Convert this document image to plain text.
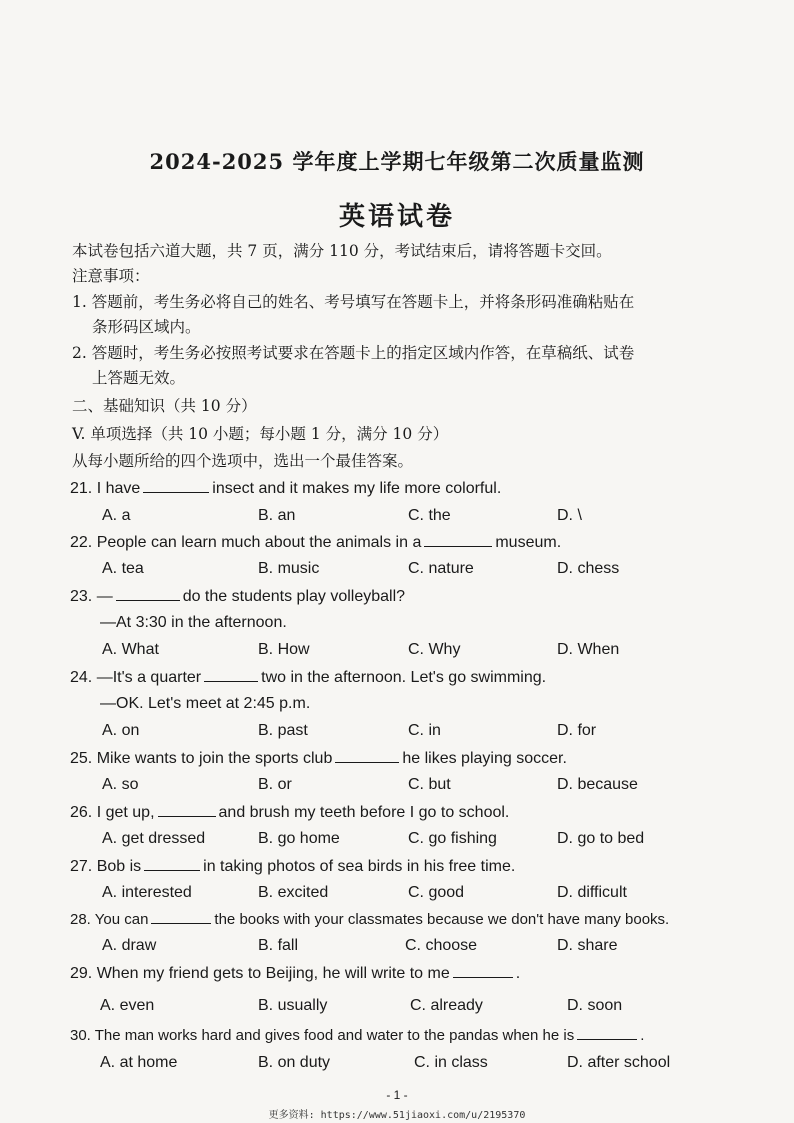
2024-2025 学年度上学期七年级第二次质量监测
英语试卷
本试卷包括六道大题，共 7 页，满分 110 分，考试结束后，请将答题卡交回。
注意事项：
1. 答题前，考生务必将自己的姓名、考号填写在答题卡上，并将条形码准确粘贴在
条形码区域内。
2. 答题时，考生务必按照考试要求在答题卡上的指定区域内作答，在草稿纸、试卷
上答题无效。
二、基础知识（共 10 分）
V. 单项选择（共 10 小题；每小题 1 分，满分 10 分）
从每小题所给的四个选项中，选出一个最佳答案。
21. I have	insect and it makes my life more colorful.
A. a	B. an	C. the	D. \
22. People can learn much about the animals in a	museum.
A. tea	B. music	C. nature	D. chess
23. —	do the students play volleyball?
—At 3:30 in the afternoon.
A. What	B. How	C. Why	D. When
24. —It's a quarter	two in the afternoon. Let's go swimming.
—OK. Let's meet at 2:45 p.m.
A. on	B. past	C. in	D. for
25. Mike wants to join the sports club	he likes playing soccer.
A. so	B. or	C. but	D. because
26. I get up,	and brush my teeth before I go to school.
A. get dressed	B. go home	C. go fishing	D. go to bed
27. Bob is	in taking photos of sea birds in his free time.
A. interested	B. excited	C. good	D. difficult
28. You can	the books with your classmates because we don't have many books.
A. draw	B. fall	C. choose	D. share
29. When my friend gets to Beijing, he will write to me	.
A. even	B. usually	C. already	D. soon
30. The man works hard and gives food and water to the pandas when he is	.
A. at home	B. on duty	C. in class	D. after school
- 1 -
更多资料: https://www.51jiaoxi.com/u/2195370
